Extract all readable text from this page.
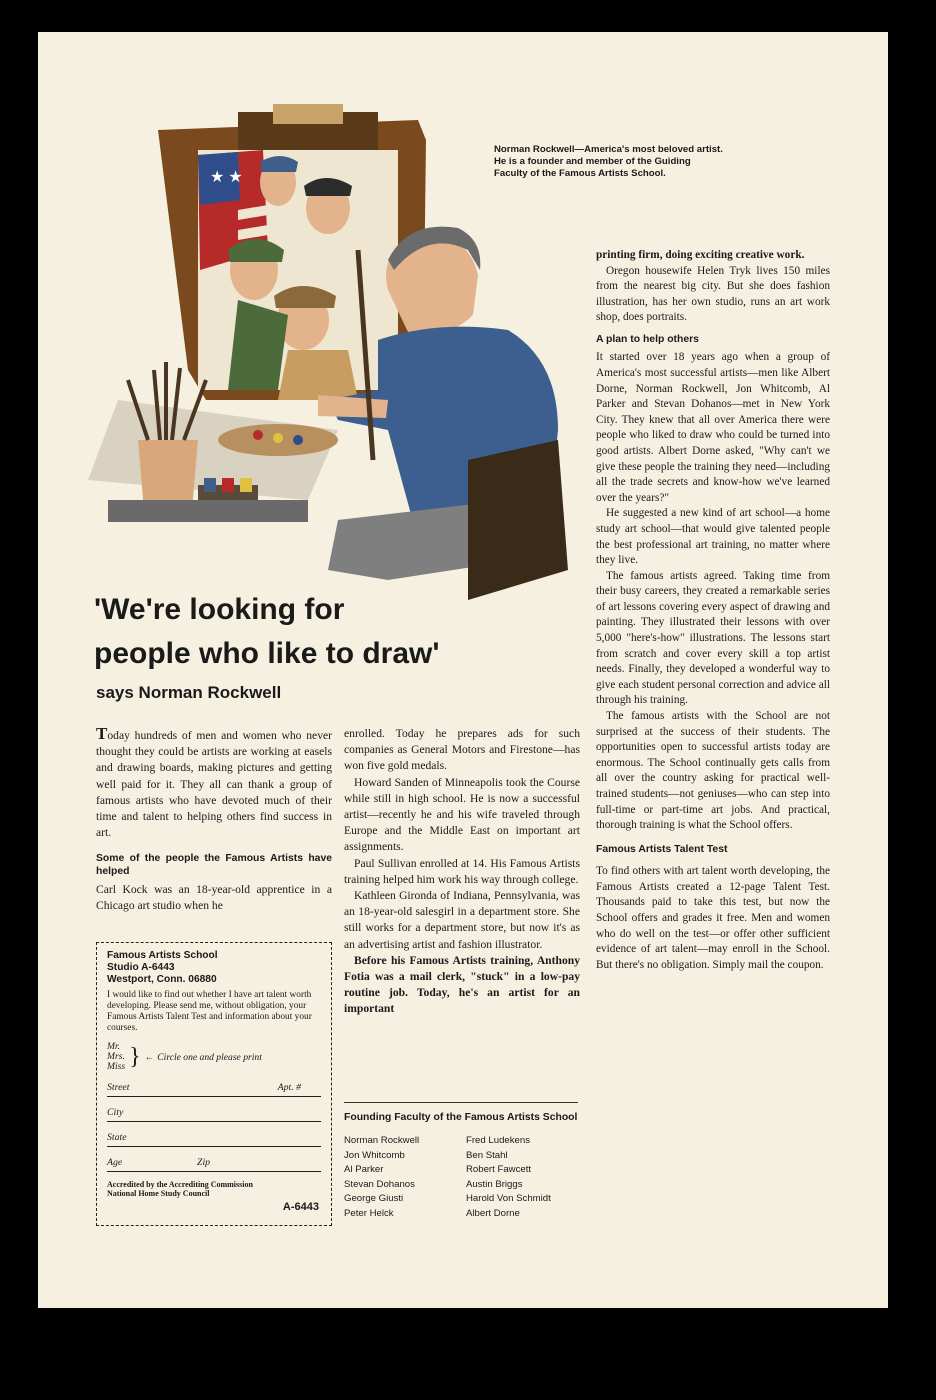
★ ★
Norman Rockwell—America's most beloved artist. He is a founder and member of the Guiding Faculty of the Famous Artists School.
'We're looking for
people who like to draw'
says Norman Rockwell

Today hundreds of men and women who never thought they could be artists are working at easels and drawing boards, making pictures and getting well paid for it. They all can thank a group of famous artists who have devoted much of their time and talent to helping others find success in art.

Some of the people the Famous Artists have helped

Carl Kock was an 18-year-old apprentice in a Chicago art studio when he

Famous Artists School
Studio A-6443
Westport, Conn. 06880
I would like to find out whether I have art talent worth developing. Please send me, without obligation, your Famous Artists Talent Test and information about your courses.
Mr.
Mrs.
Miss } ← Circle one and please print
Street	Apt. #
City
State
Age	Zip
Accredited by the Accrediting Commission National Home Study Council
A-6443

enrolled. Today he prepares ads for such companies as General Motors and Firestone—has won five gold medals.

Howard Sanden of Minneapolis took the Course while still in high school. He is now a successful artist—recently he and his wife traveled through Europe and the Middle East on important art assignments.

Paul Sullivan enrolled at 14. His Famous Artists training helped him work his way through college.

Kathleen Gironda of Indiana, Pennsylvania, was an 18-year-old salesgirl in a department store. She still works for a department store, but now it's as an advertising artist and fashion illustrator.

Before his Famous Artists training, Anthony Fotia was a mail clerk, "stuck" in a low-pay routine job. Today, he's an artist for an important

Founding Faculty of the Famous Artists School
Norman Rockwell
Jon Whitcomb
Al Parker
Stevan Dohanos
George Giusti
Peter Helck
Fred Ludekens
Ben Stahl
Robert Fawcett
Austin Briggs
Harold Von Schmidt
Albert Dorne

printing firm, doing exciting creative work.

Oregon housewife Helen Tryk lives 150 miles from the nearest big city. But she does fashion illustration, has her own studio, runs an art work shop, does portraits.

A plan to help others

It started over 18 years ago when a group of America's most successful artists—men like Albert Dorne, Norman Rockwell, Jon Whitcomb, Al Parker and Stevan Dohanos—met in New York City. They knew that all over America there were people who liked to draw who could be turned into good artists. Albert Dorne asked, "Why can't we give these people the training they need—including all the trade secrets and know-how we've learned over the years?"

He suggested a new kind of art school—a home study art school—that would give talented people the best professional art training, no matter where they live.

The famous artists agreed. Taking time from their busy careers, they created a remarkable series of art lessons covering every aspect of drawing and painting. They illustrated their lessons with over 5,000 "here's-how" illustrations. The lessons start from scratch and cover every skill a top artist needs. Finally, they developed a wonderful way to give each student personal correction and advice all through his training.

The famous artists with the School are not surprised at the success of their students. The opportunities open to successful artists today are enormous. The School continually gets calls from all over the country asking for practical well-trained students—not geniuses—who can step into full-time or part-time art jobs. And practical, thorough training is what the School offers.

Famous Artists Talent Test

To find others with art talent worth developing, the Famous Artists created a 12-page Talent Test. Thousands paid to take this test, but now the School offers and grades it free. Men and women who do well on the test—or offer other sufficient evidence of art talent—may enroll in the School. But there's no obligation. Simply mail the coupon.
